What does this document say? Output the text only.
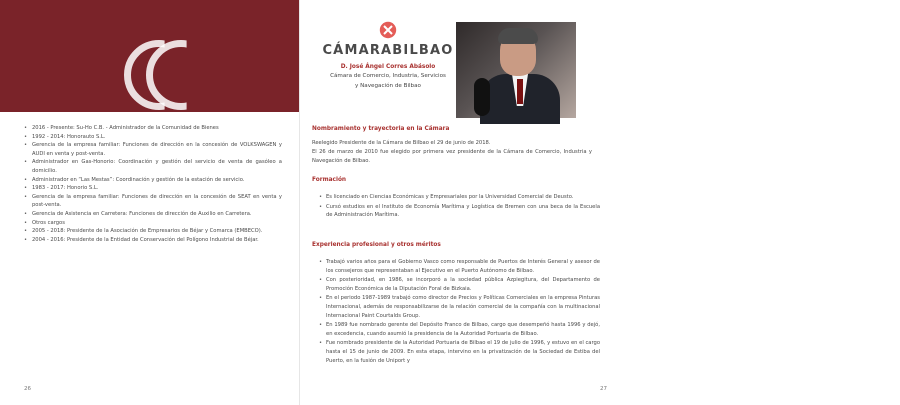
• 2016 - Presente: Su-Ho C.B. - Administrador de la Comunidad de Bienes
• 1992 - 2014: Honorauto S.L.
• Gerencia de la empresa familiar: Funciones de dirección en la concesión de VOLKSWAGEN y AUDI en venta y post-venta.
• Administrador en Gas-Honorio: Coordinación y gestión del servicio de venta de gasóleo a domicilio.
• Administrador en “Las Mestas”: Coordinación y gestión de la estación de servicio.
• 1983 - 2017: Honorio S.L.
• Gerencia de la empresa familiar: Funciones de dirección en la concesión de SEAT en venta y post-venta.
• Gerencia de Asistencia en Carretera: Funciones de dirección de Auxilio en Carretera.
• Otros cargos
• 2005 - 2018: Presidente de la Asociación de Empresarios de Béjar y Comarca (EMBECO).
• 2004 - 2016: Presidente de la Entidad de Conservación del Polígono Industrial de Béjar.
26
CÁMARABILBAO
D. José Ángel Corres Abásolo
Cámara de Comercio, Industria, Servicios
y Navegación de Bilbao
Nombramiento y trayectoria en la Cámara
Reelegido Presidente de la Cámara de Bilbao el 29 de junio de 2018.
El 26 de marzo de 2010 fue elegido por primera vez presidente de la Cámara de Comercio, Industria y Navegación de Bilbao.
Formación
• Es licenciado en Ciencias Económicas y Empresariales por la Universidad Comercial de Deusto.
• Cursó estudios en el Instituto de Economía Marítima y Logística de Bremen con una beca de la Escuela de Administración Marítima.
Experiencia profesional y otros méritos
• Trabajó varios años para el Gobierno Vasco como responsable de Puertos de Interés General y asesor de los consejeros que representaban al Ejecutivo en el Puerto Autónomo de Bilbao.
• Con posterioridad, en 1986, se incorporó a la sociedad pública Azpiegitura, del Departamento de Promoción Económica de la Diputación Foral de Bizkaia.
• En el periodo 1987-1989 trabajó como director de Precios y Políticas Comerciales en la empresa Pinturas Internacional, además de responsabilizarse de la relación comercial de la compañía con la multinacional Internacional Paint Courtalds Group.
• En 1989 fue nombrado gerente del Depósito Franco de Bilbao, cargo que desempeñó hasta 1996 y dejó, en excedencia, cuando asumió la presidencia de la Autoridad Portuaria de Bilbao.
• Fue nombrado presidente de la Autoridad Portuaria de Bilbao el 19 de julio de 1996, y estuvo en el cargo hasta el 15 de junio de 2009. En esta etapa, intervino en la privatización de la Sociedad de Estiba del Puerto, en la fusión de Uniport y
27
